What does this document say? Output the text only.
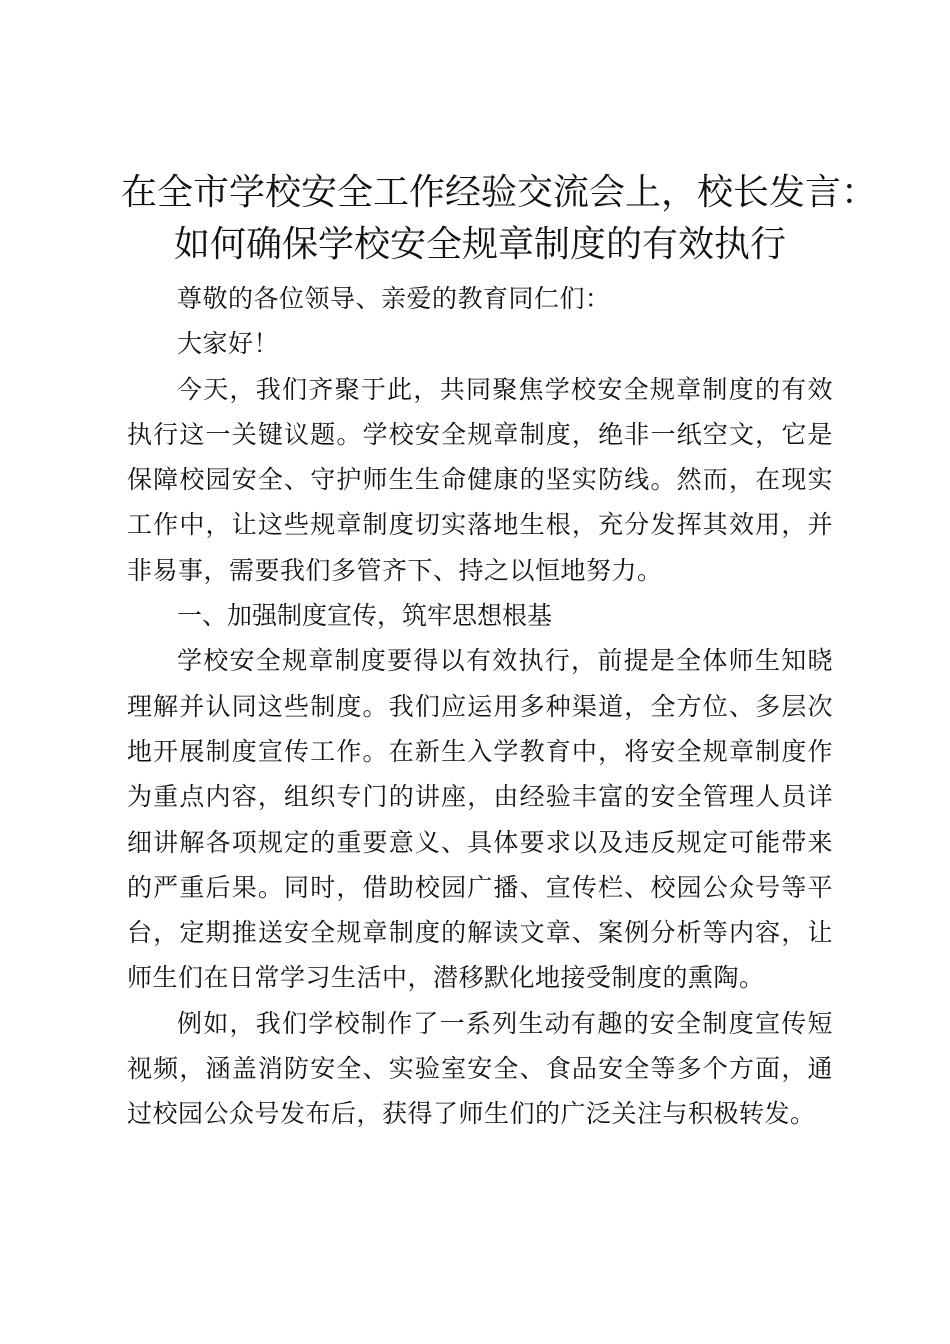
在全市学校安全工作经验交流会上，校长发言：
如何确保学校安全规章制度的有效执行

尊敬的各位领导、亲爱的教育同仁们：

大家好！

今天，我们齐聚于此，共同聚焦学校安全规章制度的有效执行这一关键议题。学校安全规章制度，绝非一纸空文，它是保障校园安全、守护师生生命健康的坚实防线。然而，在现实工作中，让这些规章制度切实落地生根，充分发挥其效用，并非易事，需要我们多管齐下、持之以恒地努力。

一、加强制度宣传，筑牢思想根基

学校安全规章制度要得以有效执行，前提是全体师生知晓理解并认同这些制度。我们应运用多种渠道，全方位、多层次地开展制度宣传工作。在新生入学教育中，将安全规章制度作为重点内容，组织专门的讲座，由经验丰富的安全管理人员详细讲解各项规定的重要意义、具体要求以及违反规定可能带来的严重后果。同时，借助校园广播、宣传栏、校园公众号等平台，定期推送安全规章制度的解读文章、案例分析等内容，让师生们在日常学习生活中，潜移默化地接受制度的熏陶。

例如，我们学校制作了一系列生动有趣的安全制度宣传短视频，涵盖消防安全、实验室安全、食品安全等多个方面，通过校园公众号发布后，获得了师生们的广泛关注与积极转发。
